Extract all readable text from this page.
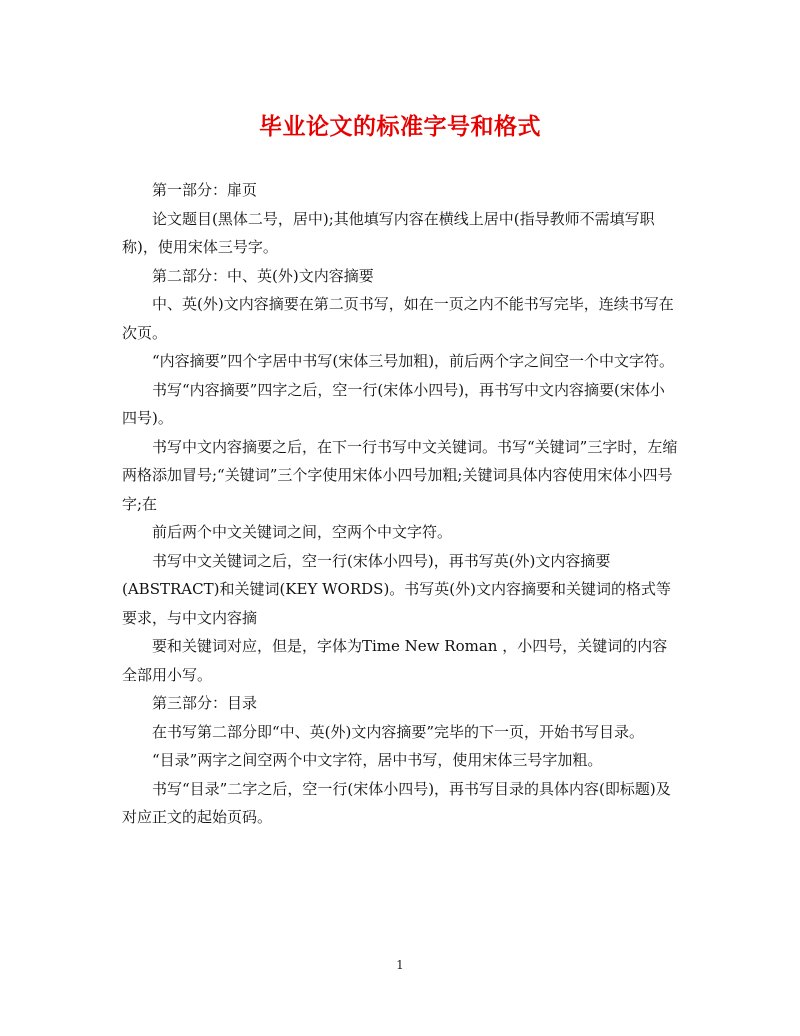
毕业论文的标准字号和格式

第一部分：扉页

论文题目(黑体二号，居中);其他填写内容在横线上居中(指导教师不需填写职称)，使用宋体三号字。

第二部分：中、英(外)文内容摘要

中、英(外)文内容摘要在第二页书写，如在一页之内不能书写完毕，连续书写在次页。

“内容摘要”四个字居中书写(宋体三号加粗)，前后两个字之间空一个中文字符。

书写“内容摘要”四字之后，空一行(宋体小四号)，再书写中文内容摘要(宋体小四号)。

书写中文内容摘要之后，在下一行书写中文关键词。书写“关键词”三字时，左缩两格添加冒号;“关键词”三个字使用宋体小四号加粗;关键词具体内容使用宋体小四号字;在

前后两个中文关键词之间，空两个中文字符。

书写中文关键词之后，空一行(宋体小四号)，再书写英(外)文内容摘要(ABSTRACT)和关键词(KEY WORDS)。书写英(外)文内容摘要和关键词的格式等要求，与中文内容摘

要和关键词对应，但是，字体为Time New Roman ，小四号，关键词的内容全部用小写。

第三部分：目录

在书写第二部分即“中、英(外)文内容摘要”完毕的下一页，开始书写目录。

“目录”两字之间空两个中文字符，居中书写，使用宋体三号字加粗。

书写“目录”二字之后，空一行(宋体小四号)，再书写目录的具体内容(即标题)及对应正文的起始页码。

1
